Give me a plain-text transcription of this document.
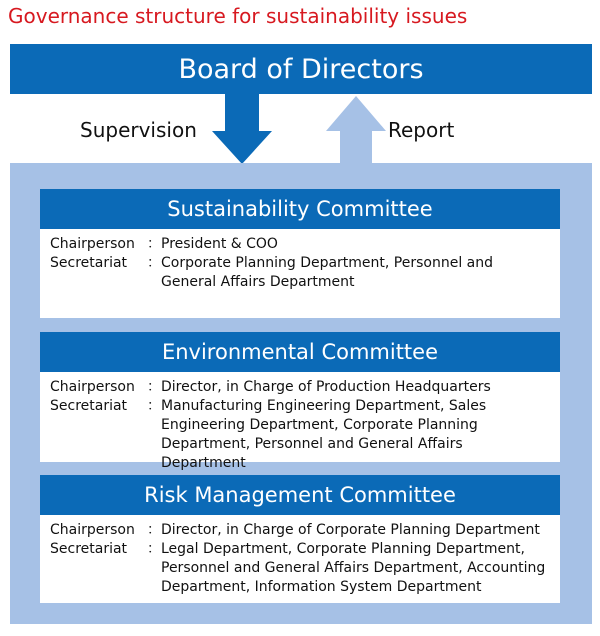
Governance structure for sustainability issues
Board of Directors
Supervision	Report
Sustainability Committee
Chairperson ： President & COO
Secretariat	： Corporate Planning Department, Personnel and General Affairs Department
Environmental Committee
Chairperson ： Director, in Charge of Production Headquarters
Secretariat	： Manufacturing Engineering Department, Sales Engineering Department, Corporate Planning Department, Personnel and General Affairs Department
Risk Management Committee
Chairperson ： Director, in Charge of Corporate Planning Department
Secretariat	： Legal Department, Corporate Planning Department, Personnel and General Affairs Department, Accounting Department, Information System Department
